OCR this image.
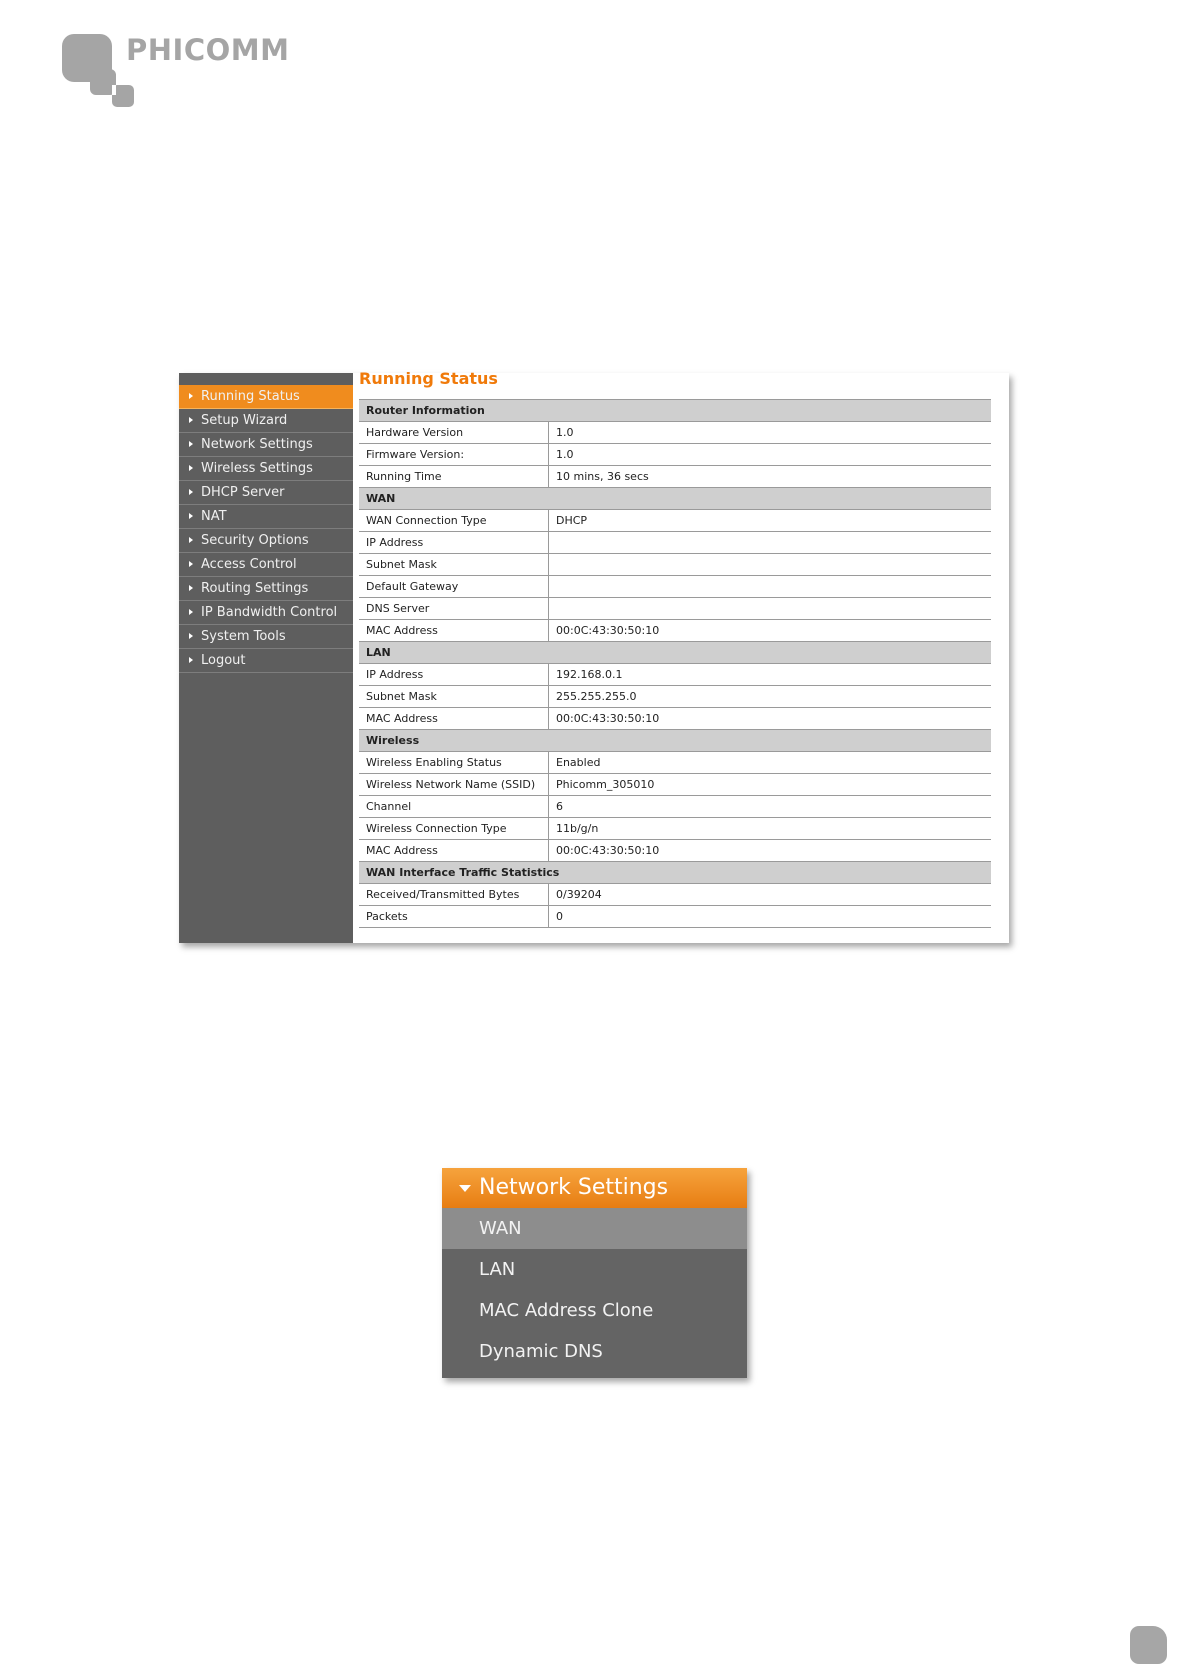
PHICOMM
Running Status
Setup Wizard
Network Settings
Wireless Settings
DHCP Server
NAT
Security Options
Access Control
Routing Settings
IP Bandwidth Control
System Tools
Logout
Running Status
Router Information	
Hardware Version	1.0
Firmware Version:	1.0
Running Time	10 mins, 36 secs
WAN	
WAN Connection Type	DHCP
IP Address	
Subnet Mask	
Default Gateway	
DNS Server	
MAC Address	00:0C:43:30:50:10
LAN	
IP Address	192.168.0.1
Subnet Mask	255.255.255.0
MAC Address	00:0C:43:30:50:10
Wireless	
Wireless Enabling Status	Enabled
Wireless Network Name (SSID)	Phicomm_305010
Channel	6
Wireless Connection Type	11b/g/n
MAC Address	00:0C:43:30:50:10
WAN Interface Traffic Statistics	
Received/Transmitted Bytes	0/39204
Packets	0
Network Settings
WAN
LAN
MAC Address Clone
Dynamic DNS
